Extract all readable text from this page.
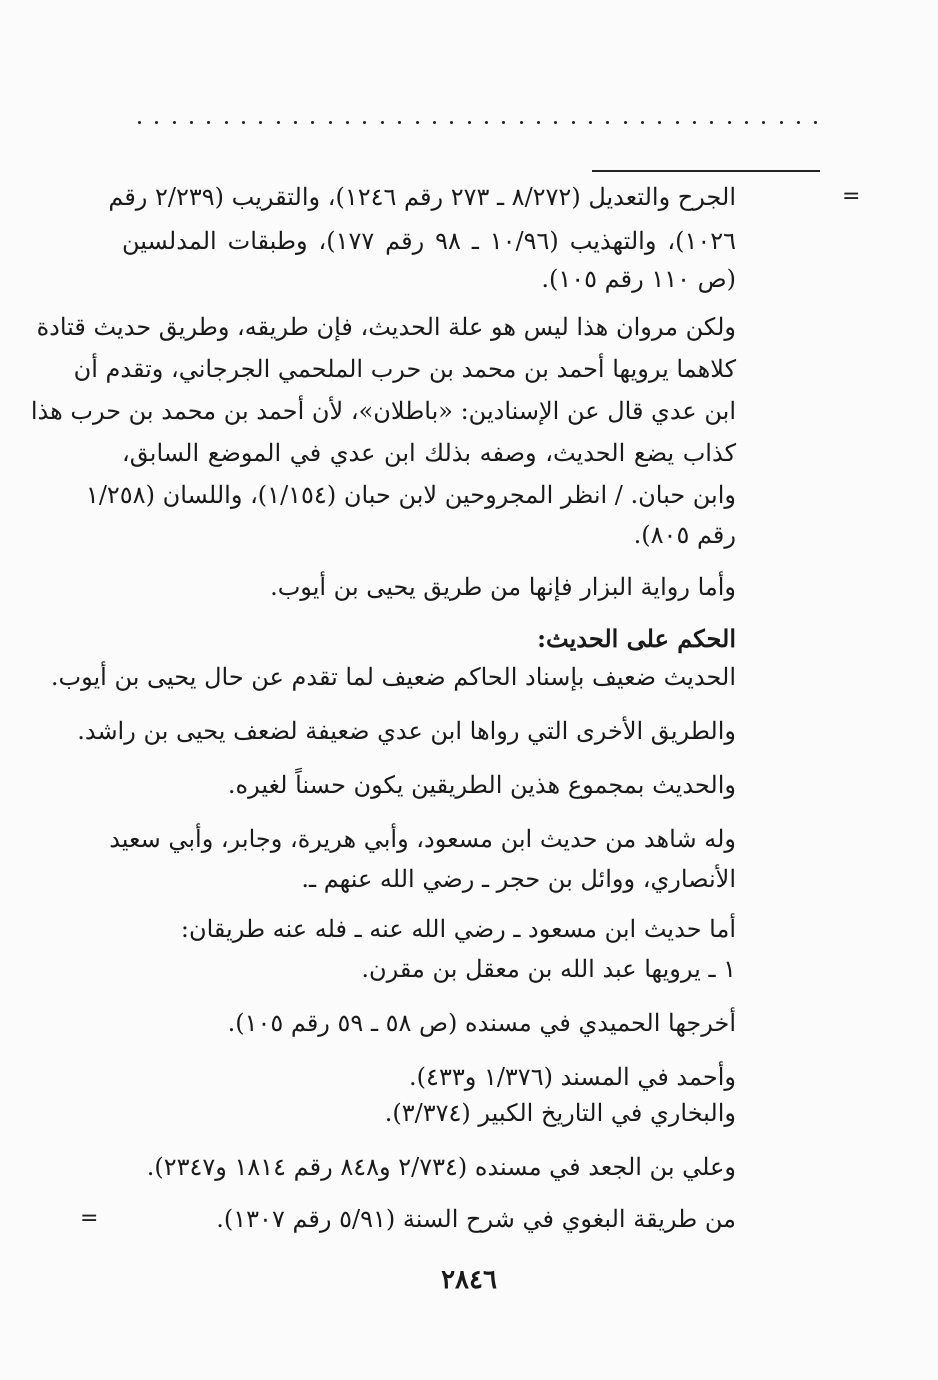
=
الجرح والتعديل (٨/٢٧٢ ـ ٢٧٣ رقم ١٢٤٦)، والتقريب (٢/٢٣٩ رقم
١٠٢٦)، والتهذيب (١٠/٩٦ ـ ٩٨ رقم ١٧٧)، وطبقات المدلسين
(ص ١١٠ رقم ١٠٥).
ولكن مروان هذا ليس هو علة الحديث، فإن طريقه، وطريق حديث قتادة
كلاهما يرويها أحمد بن محمد بن حرب الملحمي الجرجاني، وتقدم أن
ابن عدي قال عن الإسنادين: «باطلان»، لأن أحمد بن محمد بن حرب هذا
كذاب يضع الحديث، وصفه بذلك ابن عدي في الموضع السابق،
وابن حبان. / انظر المجروحين لابن حبان (١/١٥٤)، واللسان (١/٢٥٨
رقم ٨٠٥).
وأما رواية البزار فإنها من طريق يحيى بن أيوب.
الحكم على الحديث:
الحديث ضعيف بإسناد الحاكم ضعيف لما تقدم عن حال يحيى بن أيوب.
والطريق الأخرى التي رواها ابن عدي ضعيفة لضعف يحيى بن راشد.
والحديث بمجموع هذين الطريقين يكون حسناً لغيره.
وله شاهد من حديث ابن مسعود، وأبي هريرة، وجابر، وأبي سعيد
الأنصاري، ووائل بن حجر ـ رضي الله عنهم ـ.
أما حديث ابن مسعود ـ رضي الله عنه ـ فله عنه طريقان:
١ ـ يرويها عبد الله بن معقل بن مقرن.
أخرجها الحميدي في مسنده (ص ٥٨ ـ ٥٩ رقم ١٠٥).
وأحمد في المسند (١/٣٧٦ و٤٣٣).
والبخاري في التاريخ الكبير (٣/٣٧٤).
وعلي بن الجعد في مسنده (٢/٧٣٤ و٨٤٨ رقم ١٨١٤ و٢٣٤٧).
من طريقة البغوي في شرح السنة (٥/٩١ رقم ١٣٠٧).
=
٢٨٤٦
